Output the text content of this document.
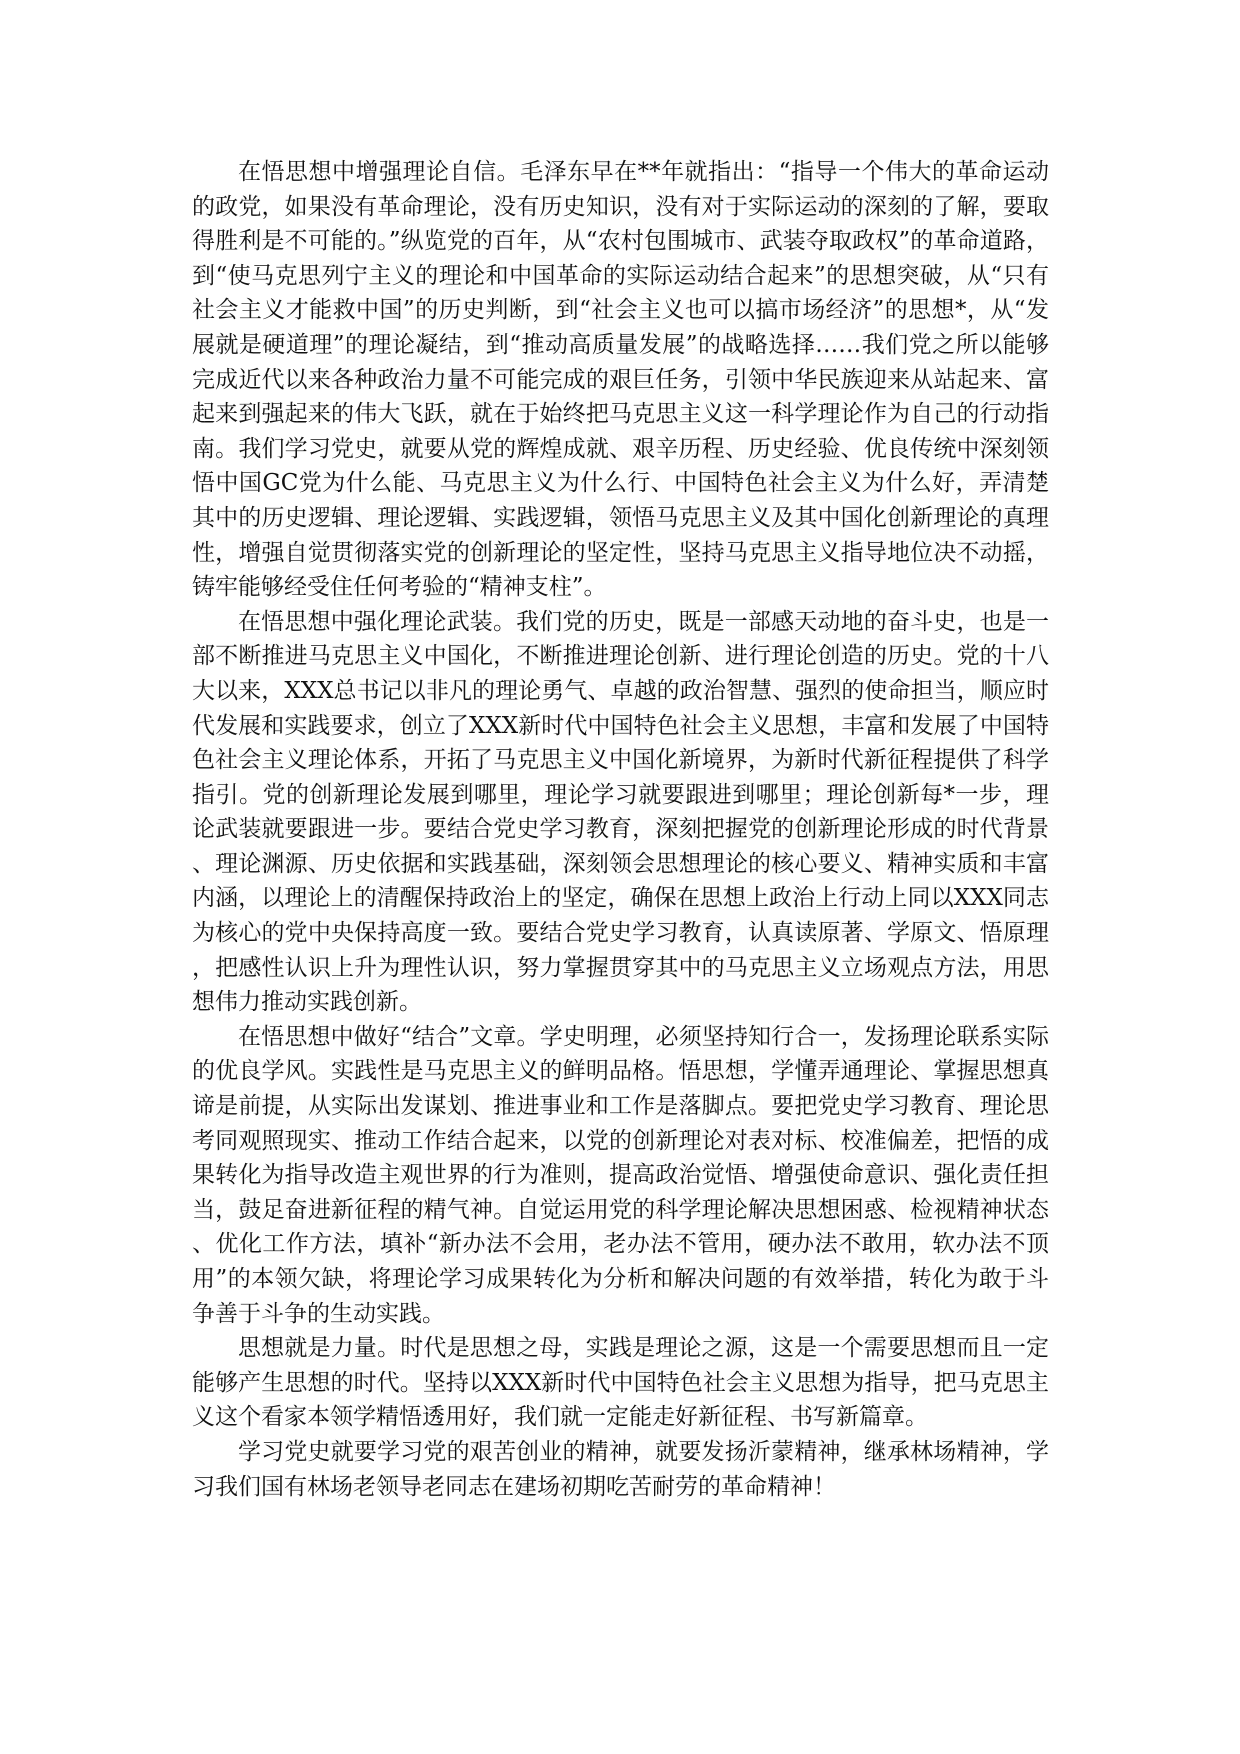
在悟思想中增强理论自信。毛泽东早在**年就指出：“指导一个伟大的革命运动的政党，如果没有革命理论，没有历史知识，没有对于实际运动的深刻的了解，要取得胜利是不可能的。”纵览党的百年，从“农村包围城市、武装夺取政权”的革命道路，到“使马克思列宁主义的理论和中国革命的实际运动结合起来”的思想突破，从“只有社会主义才能救中国”的历史判断，到“社会主义也可以搞市场经济”的思想*，从“发展就是硬道理”的理论凝结，到“推动高质量发展”的战略选择……我们党之所以能够完成近代以来各种政治力量不可能完成的艰巨任务，引领中华民族迎来从站起来、富起来到强起来的伟大飞跃，就在于始终把马克思主义这一科学理论作为自己的行动指南。我们学习党史，就要从党的辉煌成就、艰辛历程、历史经验、优良传统中深刻领悟中国GC党为什么能、马克思主义为什么行、中国特色社会主义为什么好，弄清楚其中的历史逻辑、理论逻辑、实践逻辑，领悟马克思主义及其中国化创新理论的真理性，增强自觉贯彻落实党的创新理论的坚定性，坚持马克思主义指导地位决不动摇，铸牢能够经受住任何考验的“精神支柱”。

在悟思想中强化理论武装。我们党的历史，既是一部感天动地的奋斗史，也是一部不断推进马克思主义中国化，不断推进理论创新、进行理论创造的历史。党的十八大以来，XXX总书记以非凡的理论勇气、卓越的政治智慧、强烈的使命担当，顺应时代发展和实践要求，创立了XXX新时代中国特色社会主义思想，丰富和发展了中国特色社会主义理论体系，开拓了马克思主义中国化新境界，为新时代新征程提供了科学指引。党的创新理论发展到哪里，理论学习就要跟进到哪里；理论创新每*一步，理论武装就要跟进一步。要结合党史学习教育，深刻把握党的创新理论形成的时代背景、理论渊源、历史依据和实践基础，深刻领会思想理论的核心要义、精神实质和丰富内涵，以理论上的清醒保持政治上的坚定，确保在思想上政治上行动上同以XXX同志为核心的党中央保持高度一致。要结合党史学习教育，认真读原著、学原文、悟原理，把感性认识上升为理性认识，努力掌握贯穿其中的马克思主义立场观点方法，用思想伟力推动实践创新。

在悟思想中做好“结合”文章。学史明理，必须坚持知行合一，发扬理论联系实际的优良学风。实践性是马克思主义的鲜明品格。悟思想，学懂弄通理论、掌握思想真谛是前提，从实际出发谋划、推进事业和工作是落脚点。要把党史学习教育、理论思考同观照现实、推动工作结合起来，以党的创新理论对表对标、校准偏差，把悟的成果转化为指导改造主观世界的行为准则，提高政治觉悟、增强使命意识、强化责任担当，鼓足奋进新征程的精气神。自觉运用党的科学理论解决思想困惑、检视精神状态、优化工作方法，填补“新办法不会用，老办法不管用，硬办法不敢用，软办法不顶用”的本领欠缺，将理论学习成果转化为分析和解决问题的有效举措，转化为敢于斗争善于斗争的生动实践。

思想就是力量。时代是思想之母，实践是理论之源，这是一个需要思想而且一定能够产生思想的时代。坚持以XXX新时代中国特色社会主义思想为指导，把马克思主义这个看家本领学精悟透用好，我们就一定能走好新征程、书写新篇章。

学习党史就要学习党的艰苦创业的精神，就要发扬沂蒙精神，继承林场精神，学习我们国有林场老领导老同志在建场初期吃苦耐劳的革命精神！
